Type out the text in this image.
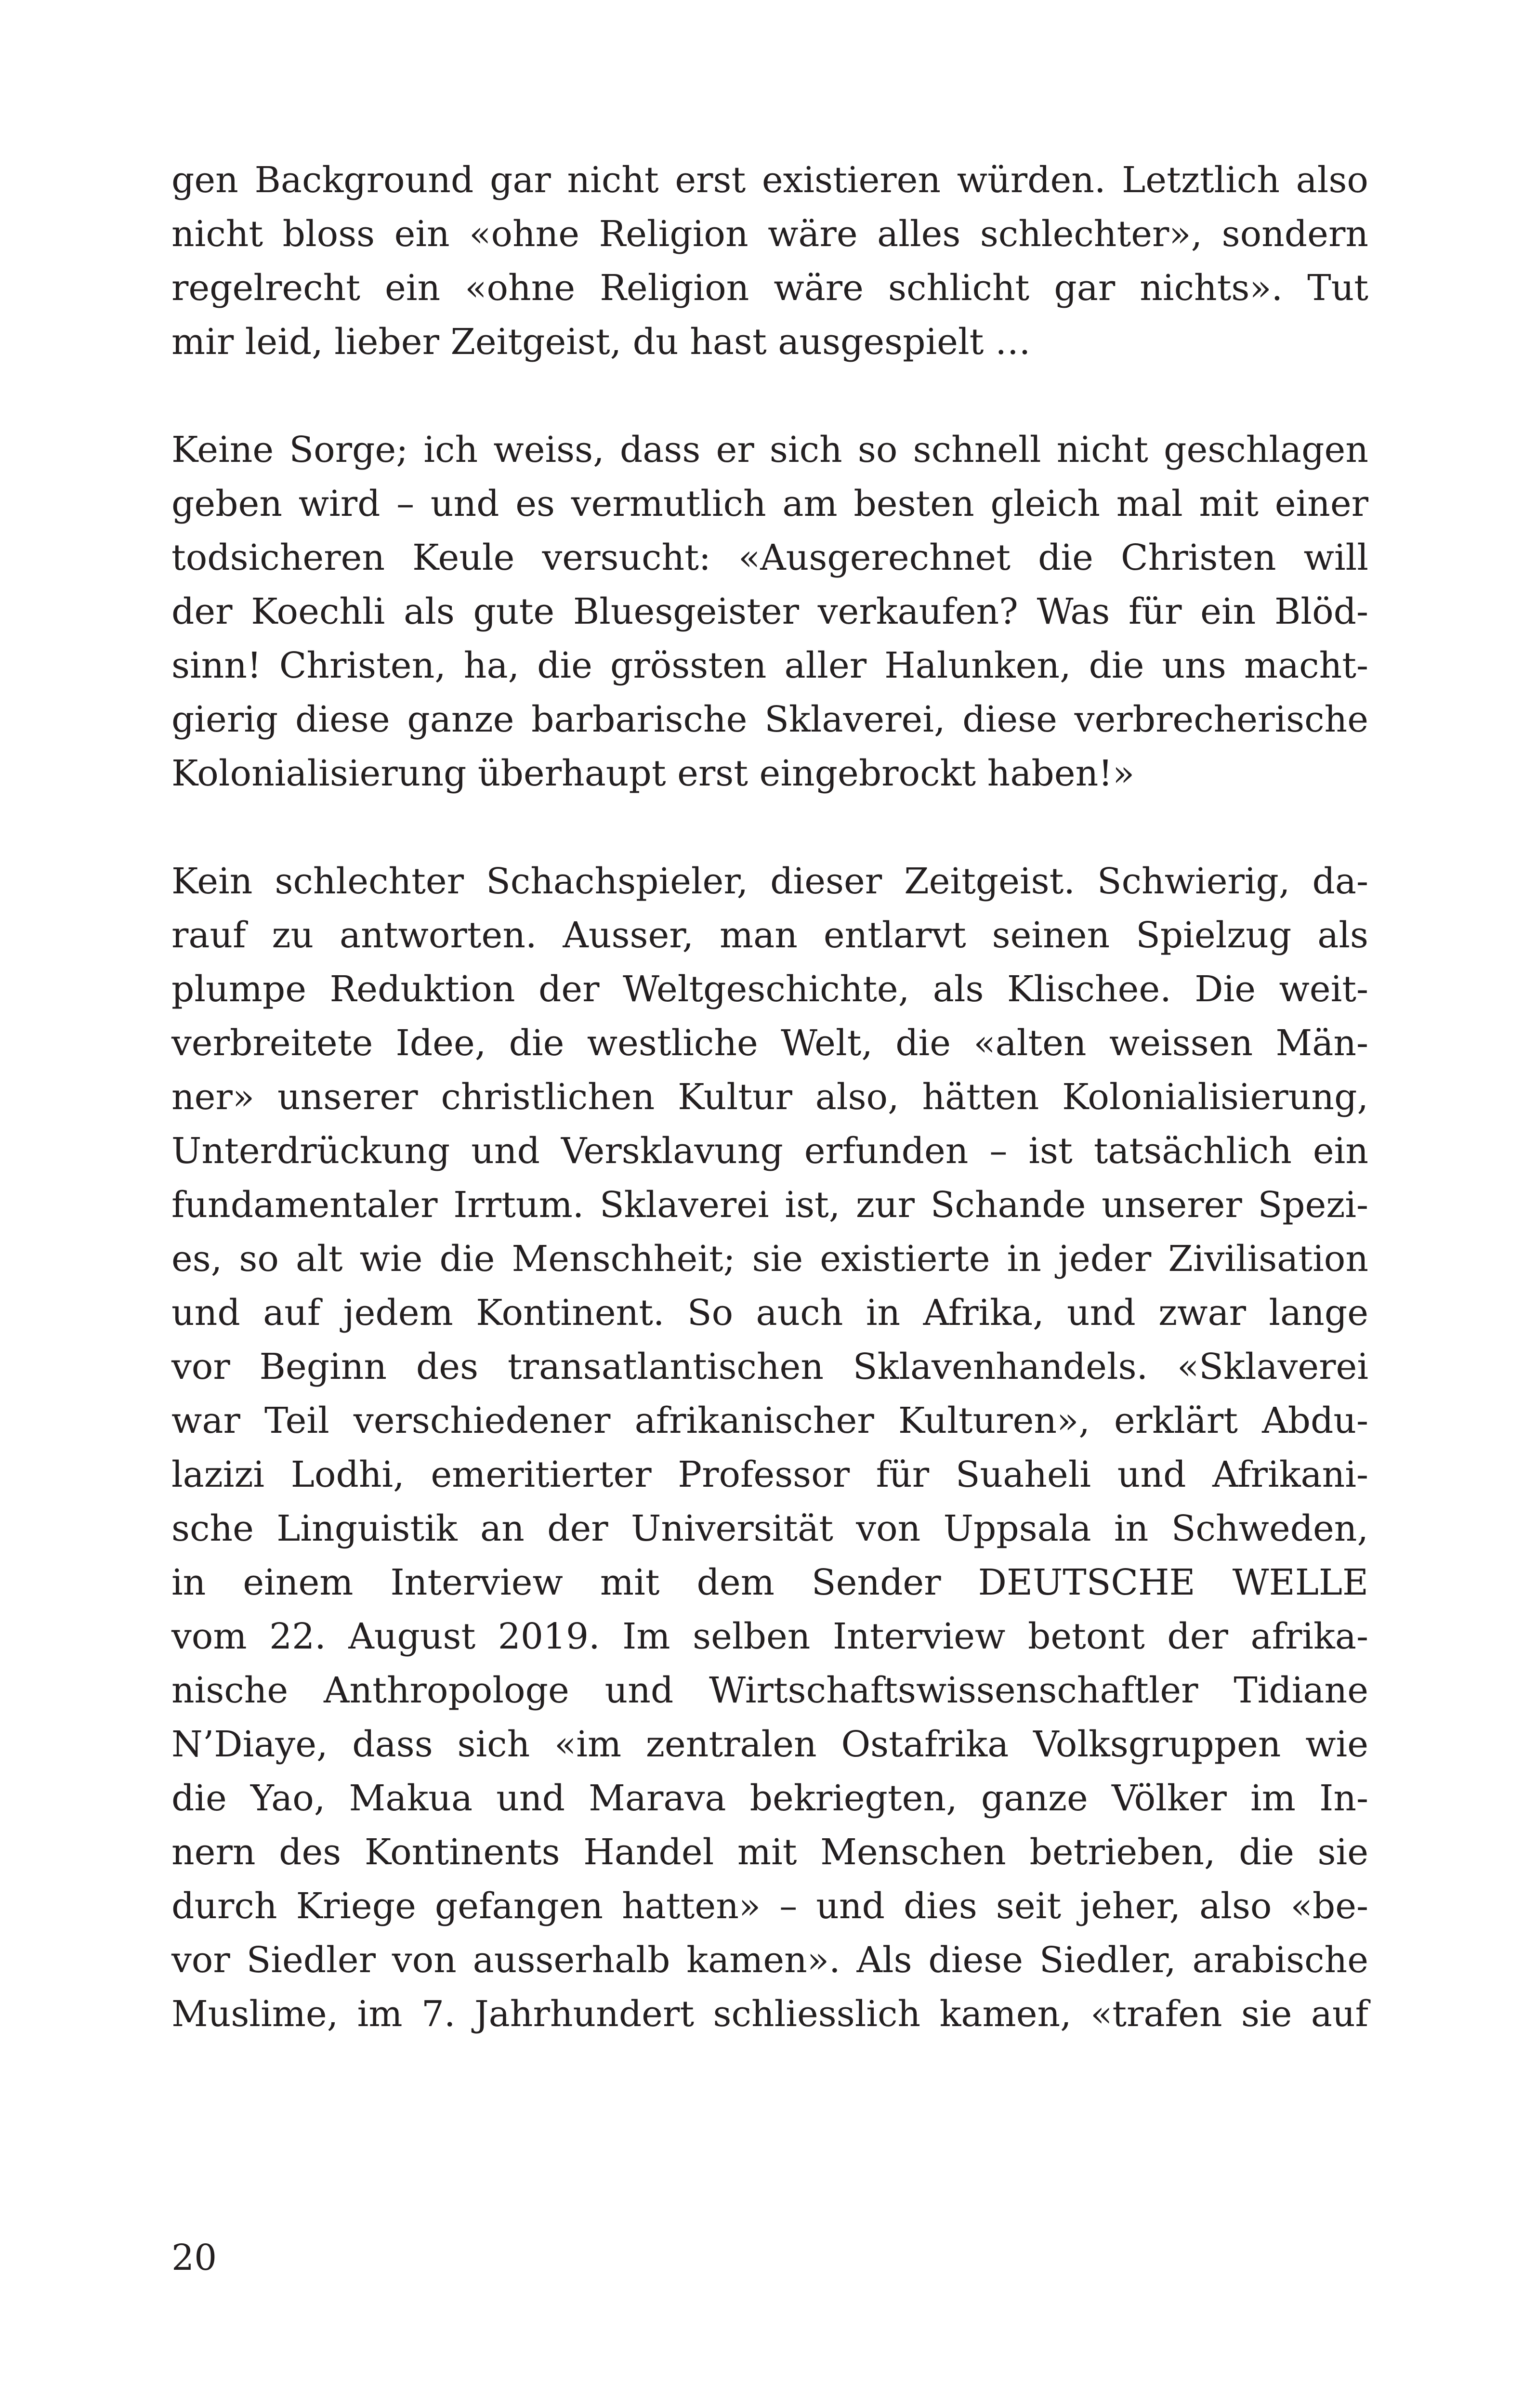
gen Background gar nicht erst existieren würden. Letztlich also
nicht bloss ein «ohne Religion wäre alles schlechter», sondern
regelrecht ein «ohne Religion wäre schlicht gar nichts». Tut
mir leid, lieber Zeitgeist, du hast ausgespielt …
Keine Sorge; ich weiss, dass er sich so schnell nicht geschlagen
geben wird – und es vermutlich am besten gleich mal mit einer
todsicheren Keule versucht: «Ausgerechnet die Christen will
der Koechli als gute Bluesgeister verkaufen? Was für ein Blöd-
sinn! Christen, ha, die grössten aller Halunken, die uns macht-
gierig diese ganze barbarische Sklaverei, diese verbrecherische
Kolonialisierung überhaupt erst eingebrockt haben!»
Kein schlechter Schachspieler, dieser Zeitgeist. Schwierig, da-
rauf zu antworten. Ausser, man entlarvt seinen Spielzug als
plumpe Reduktion der Weltgeschichte, als Klischee. Die weit-
verbreitete Idee, die westliche Welt, die «alten weissen Män-
ner» unserer christlichen Kultur also, hätten Kolonialisierung,
Unterdrückung und Versklavung erfunden – ist tatsächlich ein
fundamentaler Irrtum. Sklaverei ist, zur Schande unserer Spezi-
es, so alt wie die Menschheit; sie existierte in jeder Zivilisation
und auf jedem Kontinent. So auch in Afrika, und zwar lange
vor Beginn des transatlantischen Sklavenhandels. «Sklaverei
war Teil verschiedener afrikanischer Kulturen», erklärt Abdu-
lazizi Lodhi, emeritierter Professor für Suaheli und Afrikani-
sche Linguistik an der Universität von Uppsala in Schweden,
in einem Interview mit dem Sender DEUTSCHE WELLE
vom 22. August 2019. Im selben Interview betont der afrika-
nische Anthropologe und Wirtschaftswissenschaftler Tidiane
N’Diaye, dass sich «im zentralen Ostafrika Volksgruppen wie
die Yao, Makua und Marava bekriegten, ganze Völker im In-
nern des Kontinents Handel mit Menschen betrieben, die sie
durch Kriege gefangen hatten» – und dies seit jeher, also «be-
vor Siedler von ausserhalb kamen». Als diese Siedler, arabische
Muslime, im 7. Jahrhundert schliesslich kamen, «trafen sie auf
20
